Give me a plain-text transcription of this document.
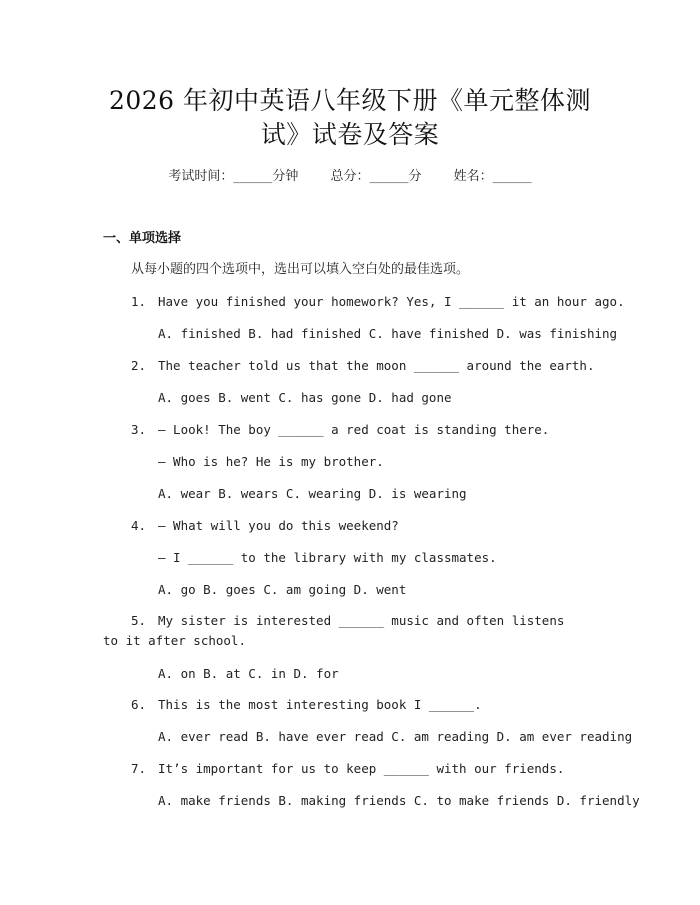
2026 年初中英语八年级下册《单元整体测
试》试卷及答案
考试时间：______分钟 总分：______分 姓名：______
一、单项选择
从每小题的四个选项中，选出可以填入空白处的最佳选项。
1. Have you finished your homework? Yes, I ______ it an hour ago.
A. finished B. had finished C. have finished D. was finishing
2. The teacher told us that the moon ______ around the earth.
A. goes B. went C. has gone D. had gone
3. — Look! The boy ______ a red coat is standing there.
— Who is he? He is my brother.
A. wear B. wears C. wearing D. is wearing
4. — What will you do this weekend?
— I ______ to the library with my classmates.
A. go B. goes C. am going D. went
5. My sister is interested ______ music and often listens to it after school.
A. on B. at C. in D. for
6. This is the most interesting book I ______.
A. ever read B. have ever read C. am reading D. am ever reading
7. It’s important for us to keep ______ with our friends.
A. make friends B. making friends C. to make friends D. friendly
